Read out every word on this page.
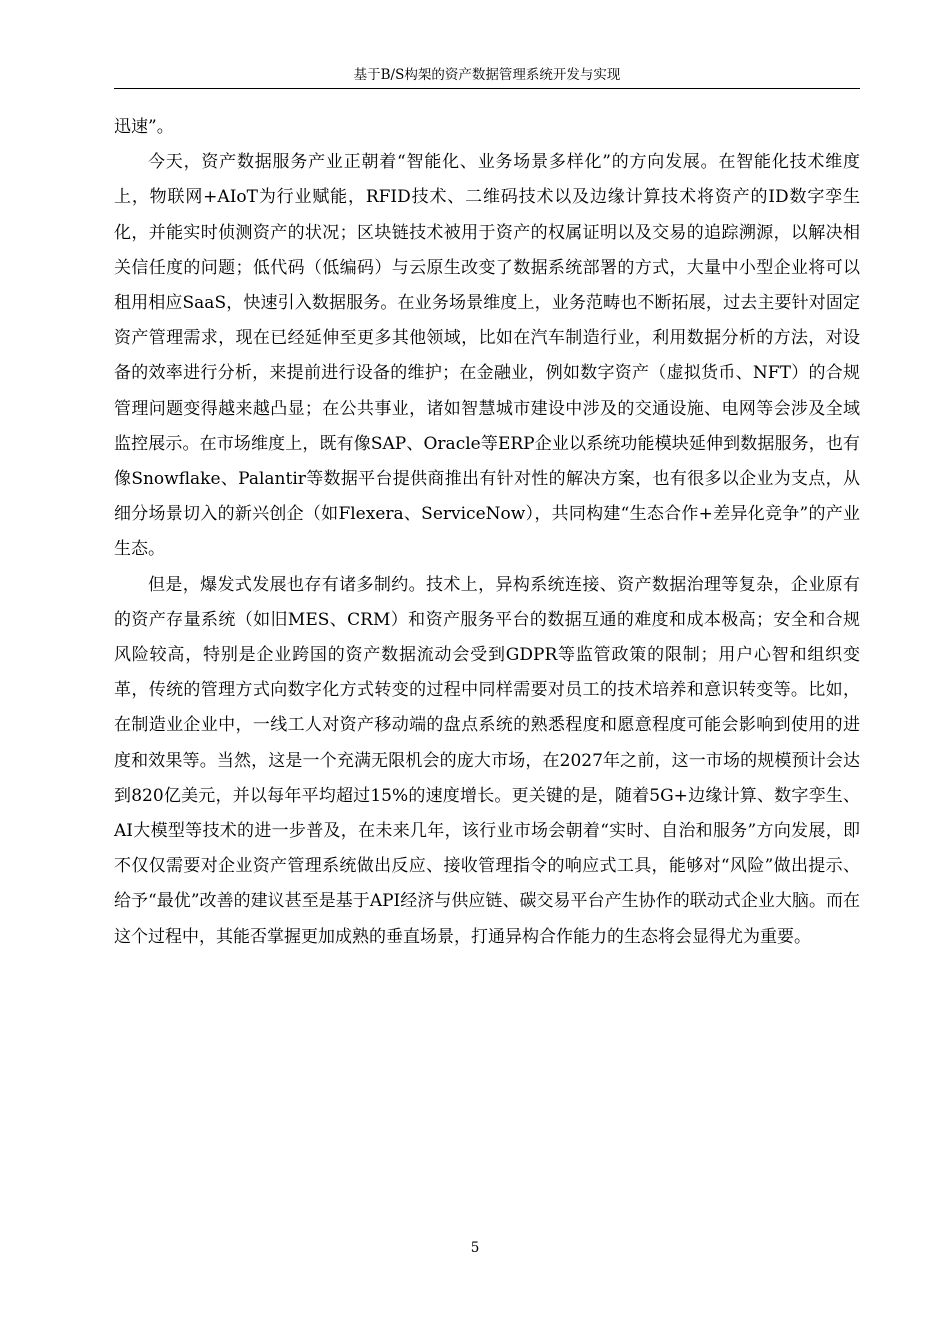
基于B/S构架的资产数据管理系统开发与实现

迅速”。

今天，资产数据服务产业正朝着“智能化、业务场景多样化”的方向发展。在智能化技术维度上，物联网+AIoT为行业赋能，RFID技术、二维码技术以及边缘计算技术将资产的ID数字孪生化，并能实时侦测资产的状况；区块链技术被用于资产的权属证明以及交易的追踪溯源，以解决相关信任度的问题；低代码（低编码）与云原生改变了数据系统部署的方式，大量中小型企业将可以租用相应SaaS，快速引入数据服务。在业务场景维度上，业务范畴也不断拓展，过去主要针对固定资产管理需求，现在已经延伸至更多其他领域，比如在汽车制造行业，利用数据分析的方法，对设备的效率进行分析，来提前进行设备的维护；在金融业，例如数字资产（虚拟货币、NFT）的合规管理问题变得越来越凸显；在公共事业，诸如智慧城市建设中涉及的交通设施、电网等会涉及全域监控展示。在市场维度上，既有像SAP、Oracle等ERP企业以系统功能模块延伸到数据服务，也有像Snowflake、Palantir等数据平台提供商推出有针对性的解决方案，也有很多以企业为支点，从细分场景切入的新兴创企（如Flexera、ServiceNow），共同构建“生态合作+差异化竞争”的产业生态。

但是，爆发式发展也存有诸多制约。技术上，异构系统连接、资产数据治理等复杂，企业原有的资产存量系统（如旧MES、CRM）和资产服务平台的数据互通的难度和成本极高；安全和合规风险较高，特别是企业跨国的资产数据流动会受到GDPR等监管政策的限制；用户心智和组织变革，传统的管理方式向数字化方式转变的过程中同样需要对员工的技术培养和意识转变等。比如，在制造业企业中，一线工人对资产移动端的盘点系统的熟悉程度和愿意程度可能会影响到使用的进度和效果等。当然，这是一个充满无限机会的庞大市场，在2027年之前，这一市场的规模预计会达到820亿美元，并以每年平均超过15%的速度增长。更关键的是，随着5G+边缘计算、数字孪生、AI大模型等技术的进一步普及，在未来几年，该行业市场会朝着“实时、自治和服务”方向发展，即不仅仅需要对企业资产管理系统做出反应、接收管理指令的响应式工具，能够对“风险”做出提示、给予“最优”改善的建议甚至是基于API经济与供应链、碳交易平台产生协作的联动式企业大脑。而在这个过程中，其能否掌握更加成熟的垂直场景，打通异构合作能力的生态将会显得尤为重要。

5
